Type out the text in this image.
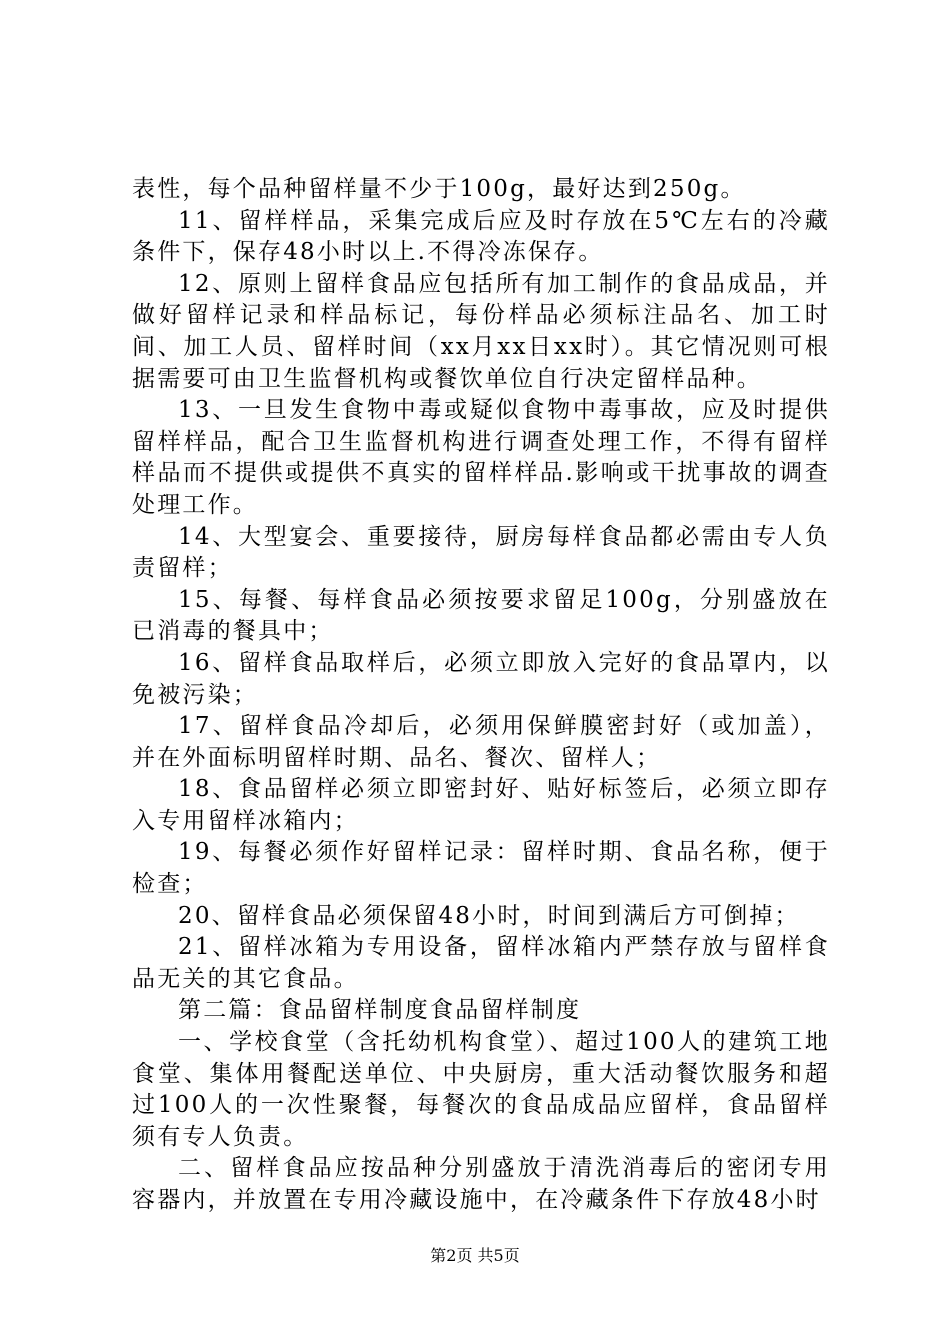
表性，每个品种留样量不少于100g，最好达到250g。

11、留样样品，采集完成后应及时存放在5℃左右的冷藏条件下，保存48小时以上.不得冷冻保存。

12、原则上留样食品应包括所有加工制作的食品成品，并做好留样记录和样品标记，每份样品必须标注品名、加工时间、加工人员、留样时间（xx月xx日xx时）。其它情况则可根据需要可由卫生监督机构或餐饮单位自行决定留样品种。

13、一旦发生食物中毒或疑似食物中毒事故，应及时提供留样样品，配合卫生监督机构进行调查处理工作，不得有留样样品而不提供或提供不真实的留样样品.影响或干扰事故的调查处理工作。

14、大型宴会、重要接待，厨房每样食品都必需由专人负责留样；

15、每餐、每样食品必须按要求留足100g，分别盛放在已消毒的餐具中；

16、留样食品取样后，必须立即放入完好的食品罩内，以免被污染；

17、留样食品冷却后，必须用保鲜膜密封好（或加盖），并在外面标明留样时期、品名、餐次、留样人；

18、食品留样必须立即密封好、贴好标签后，必须立即存入专用留样冰箱内；

19、每餐必须作好留样记录：留样时期、食品名称，便于检查；

20、留样食品必须保留48小时，时间到满后方可倒掉；

21、留样冰箱为专用设备，留样冰箱内严禁存放与留样食品无关的其它食品。

第二篇：食品留样制度食品留样制度

一、学校食堂（含托幼机构食堂）、超过100人的建筑工地食堂、集体用餐配送单位、中央厨房，重大活动餐饮服务和超过100人的一次性聚餐，每餐次的食品成品应留样，食品留样须有专人负责。

二、留样食品应按品种分别盛放于清洗消毒后的密闭专用容器内，并放置在专用冷藏设施中，在冷藏条件下存放48小时

第2页 共5页
